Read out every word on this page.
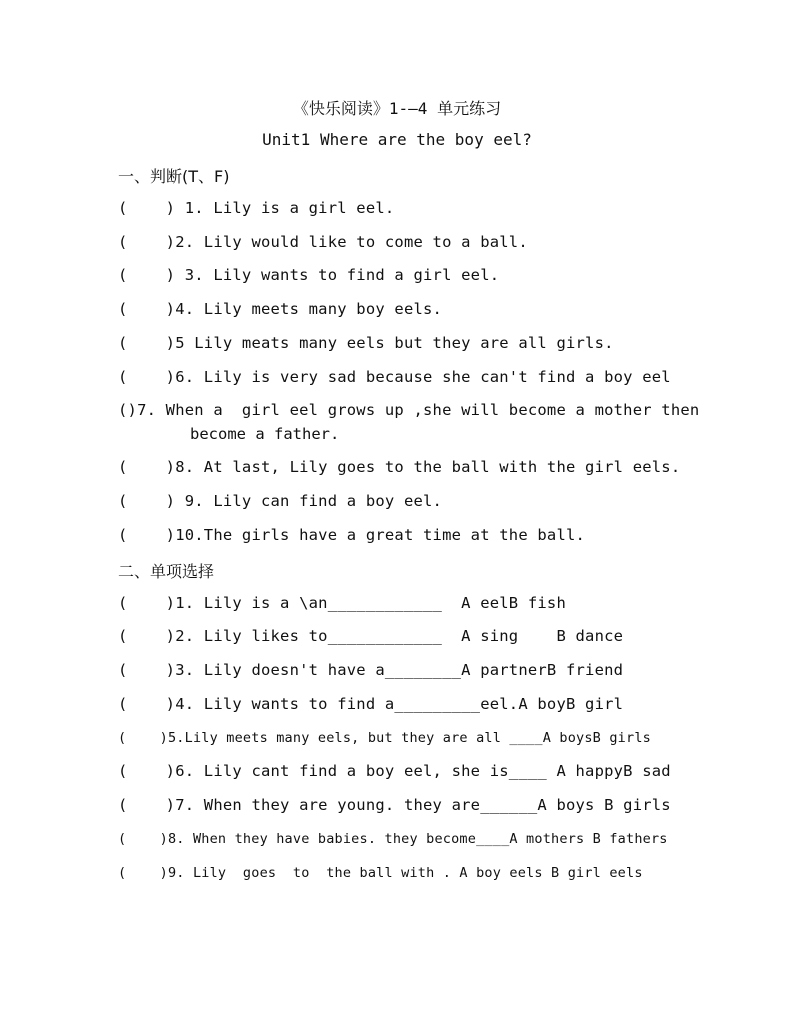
《快乐阅读》1-—4 单元练习
Unit1 Where are the boy eel?
一、判断(T、F)
(    ) 1. Lily is a girl eel.
(    )2. Lily would like to come to a ball.
(    ) 3. Lily wants to find a girl eel.
(    )4. Lily meets many boy eels.
(    )5 Lily meats many eels but they are all girls.
(    )6. Lily is very sad because she can't find a boy eel
()7. When a  girl eel grows up ,she will become a mother then
become a father.
(    )8. At last, Lily goes to the ball with the girl eels.
(    ) 9. Lily can find a boy eel.
(    )10.The girls have a great time at the ball.
二、单项选择
(    )1. Lily is a \an____________  A eelB fish
(    )2. Lily likes to____________  A sing    B dance
(    )3. Lily doesn't have a________A partnerB friend
(    )4. Lily wants to find a_________eel.A boyB girl
(    )5.Lily meets many eels, but they are all ____A boysB girls
(    )6. Lily cant find a boy eel, she is____ A happyB sad
(    )7. When they are young. they are______A boys B girls
(    )8. When they have babies. they become____A mothers B fathers
(    )9. Lily  goes  to  the ball with . A boy eels B girl eels
